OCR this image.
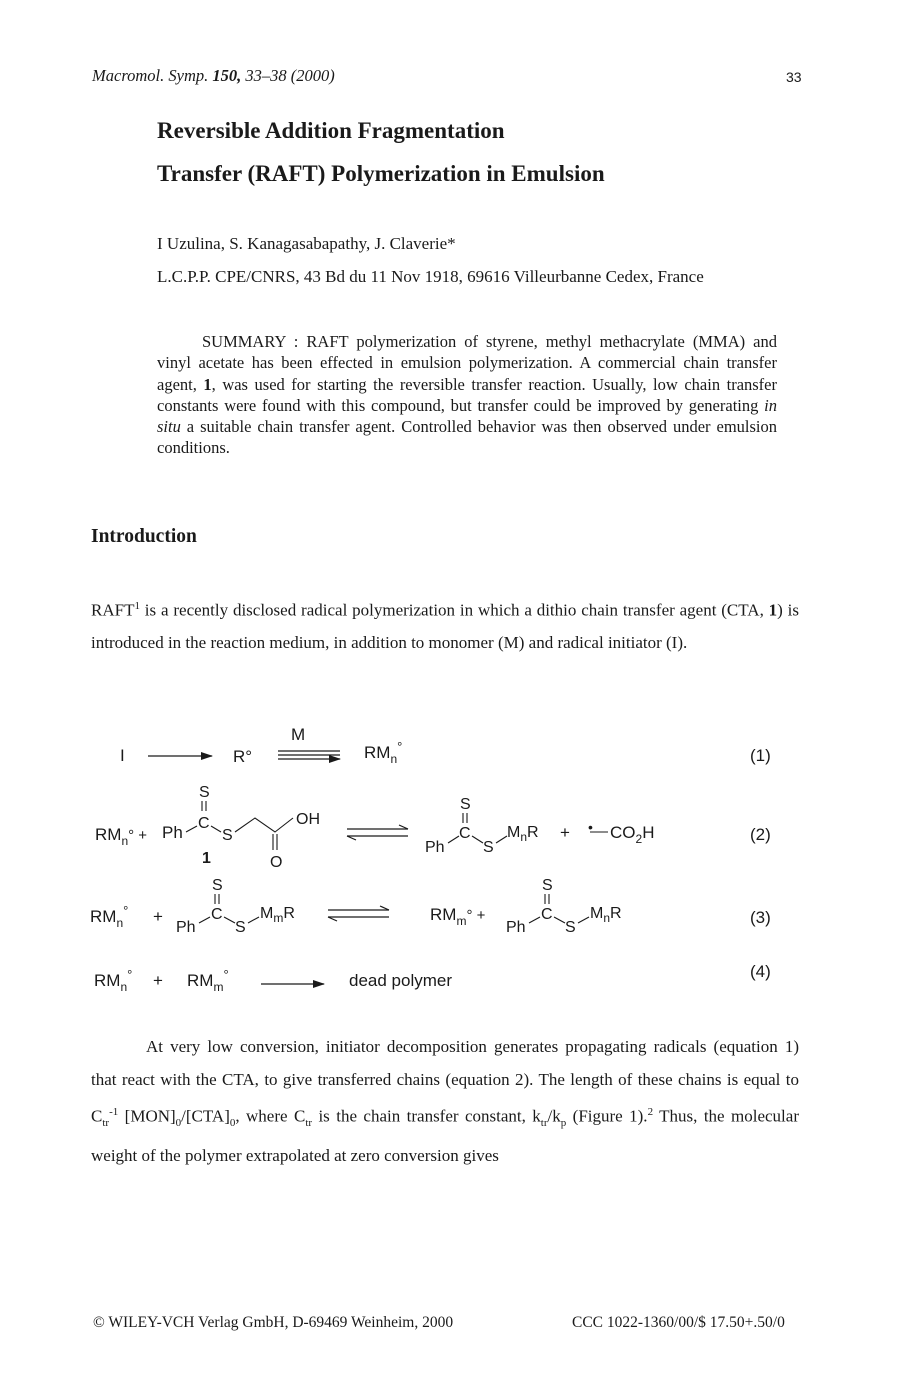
Macromol. Symp. 150, 33–38 (2000)	33
Reversible Addition Fragmentation
Transfer (RAFT) Polymerization in Emulsion
I Uzulina, S. Kanagasabapathy, J. Claverie*
L.C.P.P. CPE/CNRS, 43 Bd du 11 Nov 1918, 69616 Villeurbanne Cedex, France

SUMMARY : RAFT polymerization of styrene, methyl methacrylate (MMA) and vinyl acetate has been effected in emulsion polymerization. A commercial chain transfer agent, 1, was used for starting the reversible transfer reaction. Usually, low chain transfer constants were found with this compound, but transfer could be improved by generating in situ a suitable chain transfer agent. Controlled behavior was then observed under emulsion conditions.

Introduction

RAFT$^1$ is a recently disclosed radical polymerization in which a dithio chain transfer agent (CTA, 1) is introduced in the reaction medium, in addition to monomer (M) and radical initiator (I).

I	R°
M
$RM_n^\circ$	(1)
$RM_n^\circ + Ph$ C
S
S
OH
O
1
Ph
C
S
S
$M_nR$ + • $CO_2H$	(2)
$RM_n^\circ$ +
Ph
C
S
S
$M_mR$	$RM_m^\circ$ +
Ph
C
S
S
$M_nR$	(3)
$RM_n^\circ + RM_m^\circ$	dead polymer	(4)

At very low conversion, initiator decomposition generates propagating radicals (equation 1) that react with the CTA, to give transferred chains (equation 2). The length of these chains is equal to $C_{tr}^{-1}$ $[MON]_0/[CTA]_0$, where $C_{tr}$ is the chain transfer constant, $k_{tr}/k_p$ (Figure 1).$^2$ Thus, the molecular weight of the polymer extrapolated at zero conversion gives

© WILEY-VCH Verlag GmbH, D-69469 Weinheim, 2000	CCC 1022-1360/00/$ 17.50+.50/0
